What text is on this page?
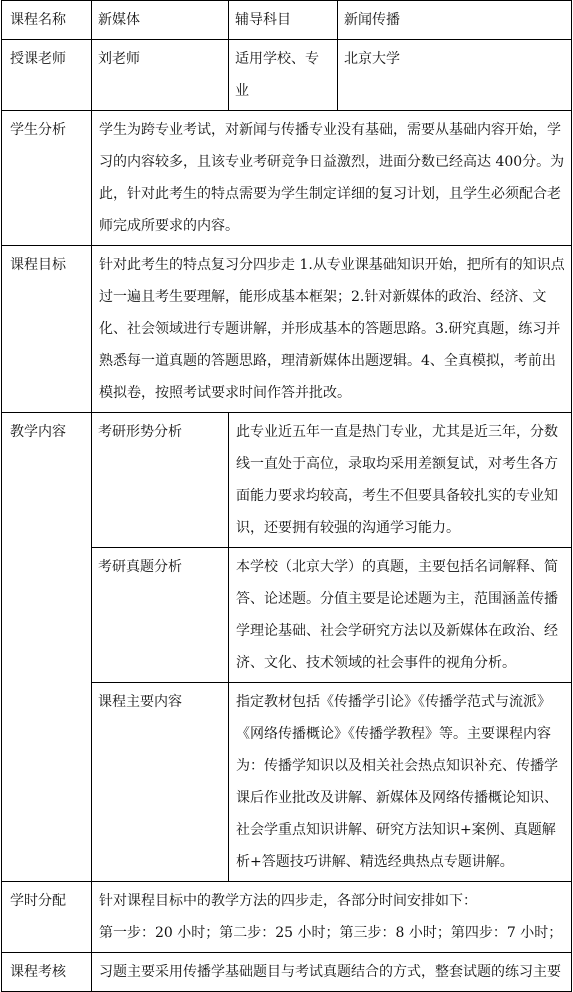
课程名称	新媒体	辅导科目	新闻传播
授课老师	刘老师	适用学校、专业	北京大学
学生分析	学生为跨专业考试，对新闻与传播专业没有基础，需要从基础内容开始，学习的内容较多，且该专业考研竞争日益激烈，进面分数已经高达 400分。为此，针对此考生的特点需要为学生制定详细的复习计划，且学生必须配合老师完成所要求的内容。		
课程目标	针对此考生的特点复习分四步走 1.从专业课基础知识开始，把所有的知识点过一遍且考生要理解，能形成基本框架；2.针对新媒体的政治、经济、文化、社会领域进行专题讲解，并形成基本的答题思路。3.研究真题，练习并熟悉每一道真题的答题思路，理清新媒体出题逻辑。4、全真模拟，考前出模拟卷，按照考试要求时间作答并批改。		
教学内容	考研形势分析	此专业近五年一直是热门专业，尤其是近三年，分数线一直处于高位，录取均采用差额复试，对考生各方面能力要求均较高，考生不但要具备较扎实的专业知识，还要拥有较强的沟通学习能力。	
	考研真题分析	本学校（北京大学）的真题，主要包括名词解释、简答、论述题。分值主要是论述题为主，范围涵盖传播学理论基础、社会学研究方法以及新媒体在政治、经济、文化、技术领域的社会事件的视角分析。	
	课程主要内容	指定教材包括《传播学引论》《传播学范式与流派》《网络传播概论》《传播学教程》等。主要课程内容为：传播学知识以及相关社会热点知识补充、传播学课后作业批改及讲解、新媒体及网络传播概论知识、社会学重点知识讲解、研究方法知识+案例、真题解析+答题技巧讲解、精选经典热点专题讲解。	
学时分配	针对课程目标中的教学方法的四步走，各部分时间安排如下：
第一步：20 小时；第二步：25 小时；第三步：8 小时；第四步：7 小时；		

课程考核	习题主要采用传播学基础题目与考试真题结合的方式，整套试题的练习主要		
